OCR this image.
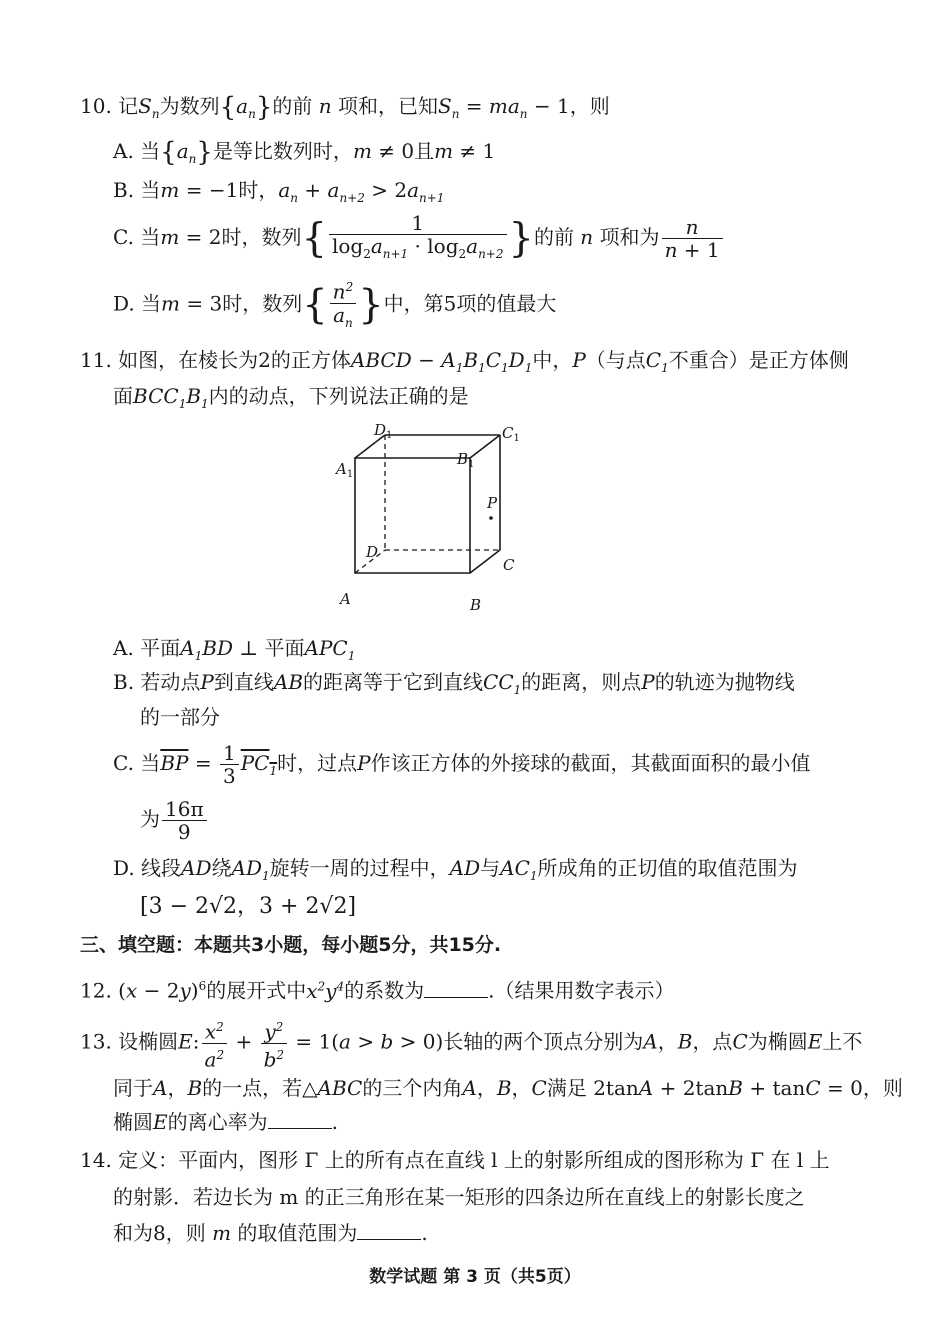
10. 记$S_n$为数列$\{a_n\}$的前 n 项和，已知$S_n = ma_n - 1$，则
A. 当$\{a_n\}$是等比数列时，m ≠ 0且m ≠ 1
B. 当m = −1时，$a_n + a_{n+2} > 2a_{n+1}$
C. 当m = 2时，数列{ $\frac{1}{\log_2a_{n+1} \cdot \log_2a_{n+2}}$ }的前 n 项和为 $\frac{n}{n + 1}$
D. 当m = 3时，数列{ $\frac{n^2}{a_n}$ }中，第5项的值最大
11. 如图，在棱长为2的正方体ABCD − $A_1B_1C_1D_1$中，P（与点$C_1$不重合）是正方体侧
面$BCC_1B_1$内的动点，下列说法正确的是
$D_1$	$C_1$
$A_1$
$B_1$
P
D
C
A	B
A. 平面$A_1BD$ ⊥ 平面$APC_1$
B. 若动点P到直线AB的距离等于它到直线$CC_1$的距离，则点P的轨迹为抛物线
的一部分
C. 当$\overline{BP} = \frac{1}{3} PC_1$时，过点P作该正方体的外接球的截面，其截面面积的最小值
为 $\frac{16\pi}{9}$
D. 线段AD绕$AD_1$旋转一周的过程中，AD与$AC_1$所成角的正切值的取值范围为
[3 − 2√2，3 + 2√2]
三、填空题：本题共3小题，每小题5分，共15分.
12. $(x - 2y)^6$的展开式中$x^2y^4$的系数为	.（结果用数字表示）
13. 设椭圆E: $\frac{x^2}{a^2} + \frac{y^2}{b^2} = 1(a > b > 0)$长轴的两个顶点分别为A，B，点C为椭圆E上不
同于A，B的一点，若△ABC的三个内角A，B，C满足 2tanA + 2tanB + tanC = 0，则
椭圆E的离心率为	.
14. 定义：平面内，图形 Γ 上的所有点在直线 l 上的射影所组成的图形称为 Γ 在 l 上
的射影．若边长为 m 的正三角形在某一矩形的四条边所在直线上的射影长度之
和为8，则 m 的取值范围为	.
数学试题 第 3 页（共5页）
